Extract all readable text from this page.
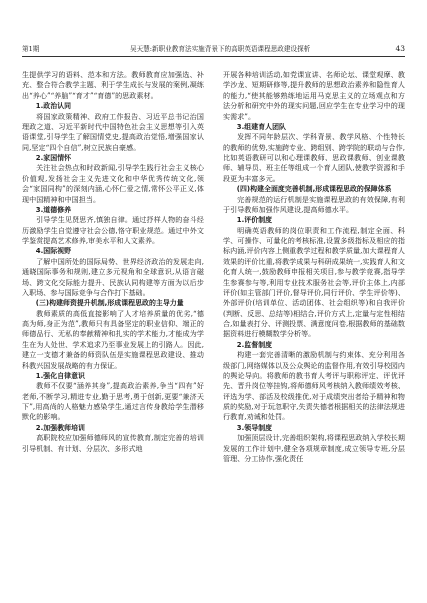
第1期	吴天慧:新职业教育法实施背景下的高职英语课程思政建设探析	43

生提供学习的语料、范本和方法。教师教育应加强选、补充、整合符合教学主题、利于学生成长与发展的案例,凝练出“养心”“养脑”“育才”“育德”的思政素材。

1.政治认同

将国家政策精神、政府工作报告、习近平总书记治国理政之道、习近平新时代中国特色社会主义思想等引入英语课堂,引导学生了解国情党史,提高政治觉悟,增强国家认同,坚定“四个自信”,树立民族自豪感。

2.家国情怀

关注社会热点和时政新闻,引导学生践行社会主义核心价值观,发扬社会主义先进文化和中华优秀传统文化,领会“家国同构”的深刻内涵,心怀仁爱之情,常怀公平正义,体现中国精神和中国担当。

3.道德修养

引导学生见贤思齐,慎独自律。通过抒样人物的奋斗经历激励学生自觉遵守社会公德,恪守职业规范。通过中外文学鉴赏提高艺术修养,审美水平和人文素养。

4.国际视野

了解中国所处的国际局势、世界经济政治的发展走向,通晓国际事务和规则,建立多元视角和全球意识,从语言磁场、跨文化交际能力提升、民族认同构建等方面为以后步入职场、参与国际竞争与合作打下基础。

(三)构建师资提升机制,形成课程思政的主导力量

教师素质的高低直接影响了人才培养质量的优劣,“德高为师,身正为范”,教师只有具备坚定的职业信仰、端正的师德品行、无私的奉献精神和扎实的学术能力,才能成为学生在为人处世、学术追求乃至事业发展上的引路人。因此,建立一支德才兼备的师资队伍是实施课程思政建设、推动科教兴国发展战略的有力保证。

1.强化自律意识

教师不仅要“涵养其身”,提高政治素养,争当“四有”好老师,不断学习,精进专业,勤于思考,勇于创新,更要“兼济天下”,用高尚的人格魅力感染学生,通过言传身教给学生潜移默化的影响。

2.加强教师培训

高职院校应加强师德师风的宣传教育,制定完善的培训引导机制、有计划、分层次、多形式地

开展各种培训活动,如党课宣讲、名师论坛、课堂观摩、教学沙龙、短期研修等,提升教师的思想政治素养和隐性育人的能力,“使其能够熟练地运用马克思主义的立场观点和方法分析和研究中外的现实问题,回应学生在专业学习中的现实需求”。

3.组建育人团队

发挥不同年龄层次、学科背景、教学风格、个性特长的教师的优势,实施跨专业、跨组别、跨学院的联动与合作,比如英语教研可以和心理课教师、思政课教师、创业课教师、辅导员、班主任等组成一个育人团队,使教学资源和手段更为丰富多元。

(四)构建全面度完善机制,形成课程思政的保障体系

完善规范的运行机制是实施课程思政的有效保障,有利于引导教师加强作风建设,提高师德水平。

1.评价制度

明确英语教师的岗位职责和工作流程,制定全面、科学、可操作、可量化的考核标准,设置多级指标及相应的指标内涵,评价内容上侧重教学过程和教学质量,加大课程育人效果的评价比重,将教学成果与科研成果统一,实践育人和文化育人统一,鼓励教师申报相关项目,参与教学竞赛,指导学生参赛参与等,利用专业技术服务社会等,评价主体上,内部评价(如主管部门评价,督导评价,同行评价、学生评价等)、外部评价(培训单位、活动团体、社会组织等)和自我评价(判断、反思、总结等)相结合,评价方式上,定量与定性相结合,如量表打分、评测投票、满意度问卷,根据教师的基础数据资料进行模糊数学分析等。

2.监督制度

构建一套完善清晰的激励机制与约束体、充分利用各级部门,网络媒体以及公众舆论的监督作用,有效引导校园内的舆论导向。将教师的教书育人考评与职称评定、评优评先、晋升岗位等挂钩,将师德师风考核纳入教师绩效考核、评选为学、部活及校级推优,对于成绩突出者给予精神和物质的奖励,对于玩忽职守,失责失德者根据相关的法律法规进行教育,劝诫和处罚。

3.领导制度

加强顶层设计,完善组织架构,将课程思政纳入学校长期发展的工作计划中,健全各项规章制度,成立领导专班,分层管理、分工协作,强化责任
